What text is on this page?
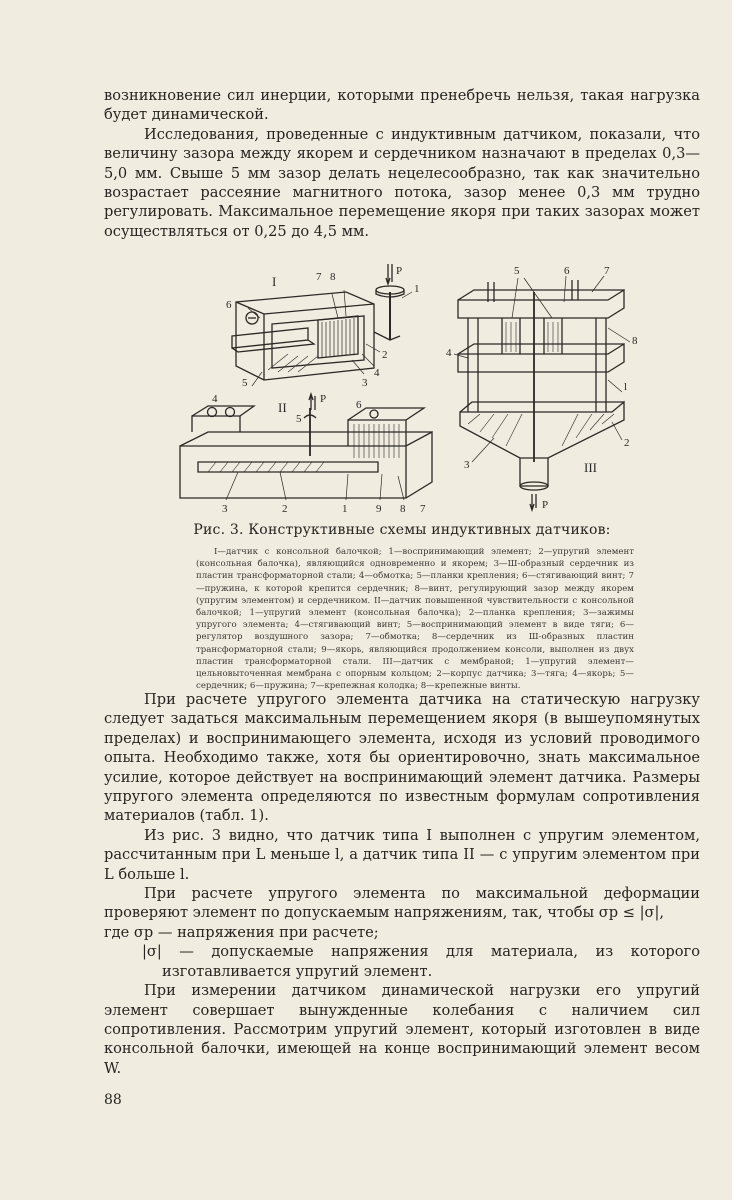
возникновение сил инерции, которыми пренебречь нельзя, такая нагрузка будет динамической.

Исследования, проведенные с индуктивным датчиком, показали, что величину зазора между якорем и сердечником назначают в пределах 0,3—5,0 мм. Свыше 5 мм зазор делать нецелесообразно, так как значительно возрастает рассеяние магнитного потока, зазор менее 0,3 мм трудно регулировать. Максимальное перемещение якоря при таких зазорах может осуществляться от 0,25 до 4,5 мм.

I
P
6
7 8
1
2
4
3
5
II
P
4
5
6
3	2	1	9 8 7
III
P
5	6	7
8
4
l
2
3
Рис. 3. Конструктивные схемы индуктивных датчиков:

I—датчик с консольной балочкой; 1—воспринимающий элемент; 2—упругий элемент (консольная балочка), являющийся одновременно и якорем; 3—Ш-образный сердечник из пластин трансформаторной стали; 4—обмотка; 5—планки крепления; 6—стягивающий винт; 7—пружина, к которой крепится сердечник; 8—винт, регулирующий зазор между якорем (упругим элементом) и сердечником. II—датчик повышенной чувствительности с консольной балочкой; 1—упругий элемент (консольная балочка); 2—планка крепления; 3—зажимы упругого элемента; 4—стягивающий винт; 5—воспринимающий элемент в виде тяги; 6—регулятор воздушного зазора; 7—обмотка; 8—сердечник из Ш-образных пластин трансформаторной стали; 9—якорь, являющийся продолжением консоли, выполнен из двух пластин трансформаторной стали. III—датчик с мембраной; 1—упругий элемент—цельновыточенная мембрана с опорным кольцом; 2—корпус датчика; 3—тяга; 4—якорь; 5—сердечник; 6—пружина; 7—крепежная колодка; 8—крепежные винты.

При расчете упругого элемента датчика на статическую нагрузку следует задаться максимальным перемещением якоря (в вышеупомянутых пределах) и воспринимающего элемента, исходя из условий проводимого опыта. Необходимо также, хотя бы ориентировочно, знать максимальное усилие, которое действует на воспринимающий элемент датчика. Размеры упругого элемента определяются по известным формулам сопротивления материалов (табл. 1).

Из рис. 3 видно, что датчик типа I выполнен с упругим элементом, рассчитанным при L меньше l, а датчик типа II — с упругим элементом при L больше l.

При расчете упругого элемента по максимальной деформации проверяют элемент по допускаемым напряжениям, так, чтобы σр ≤ |σ|,

где σр — напряжения при расчете;

|σ| — допускаемые напряжения для материала, из которого изготавливается упругий элемент.

При измерении датчиком динамической нагрузки его упругий элемент совершает вынужденные колебания с наличием сил сопротивления. Рассмотрим упругий элемент, который изготовлен в виде консольной балочки, имеющей на конце воспринимающий элемент весом W.

88
